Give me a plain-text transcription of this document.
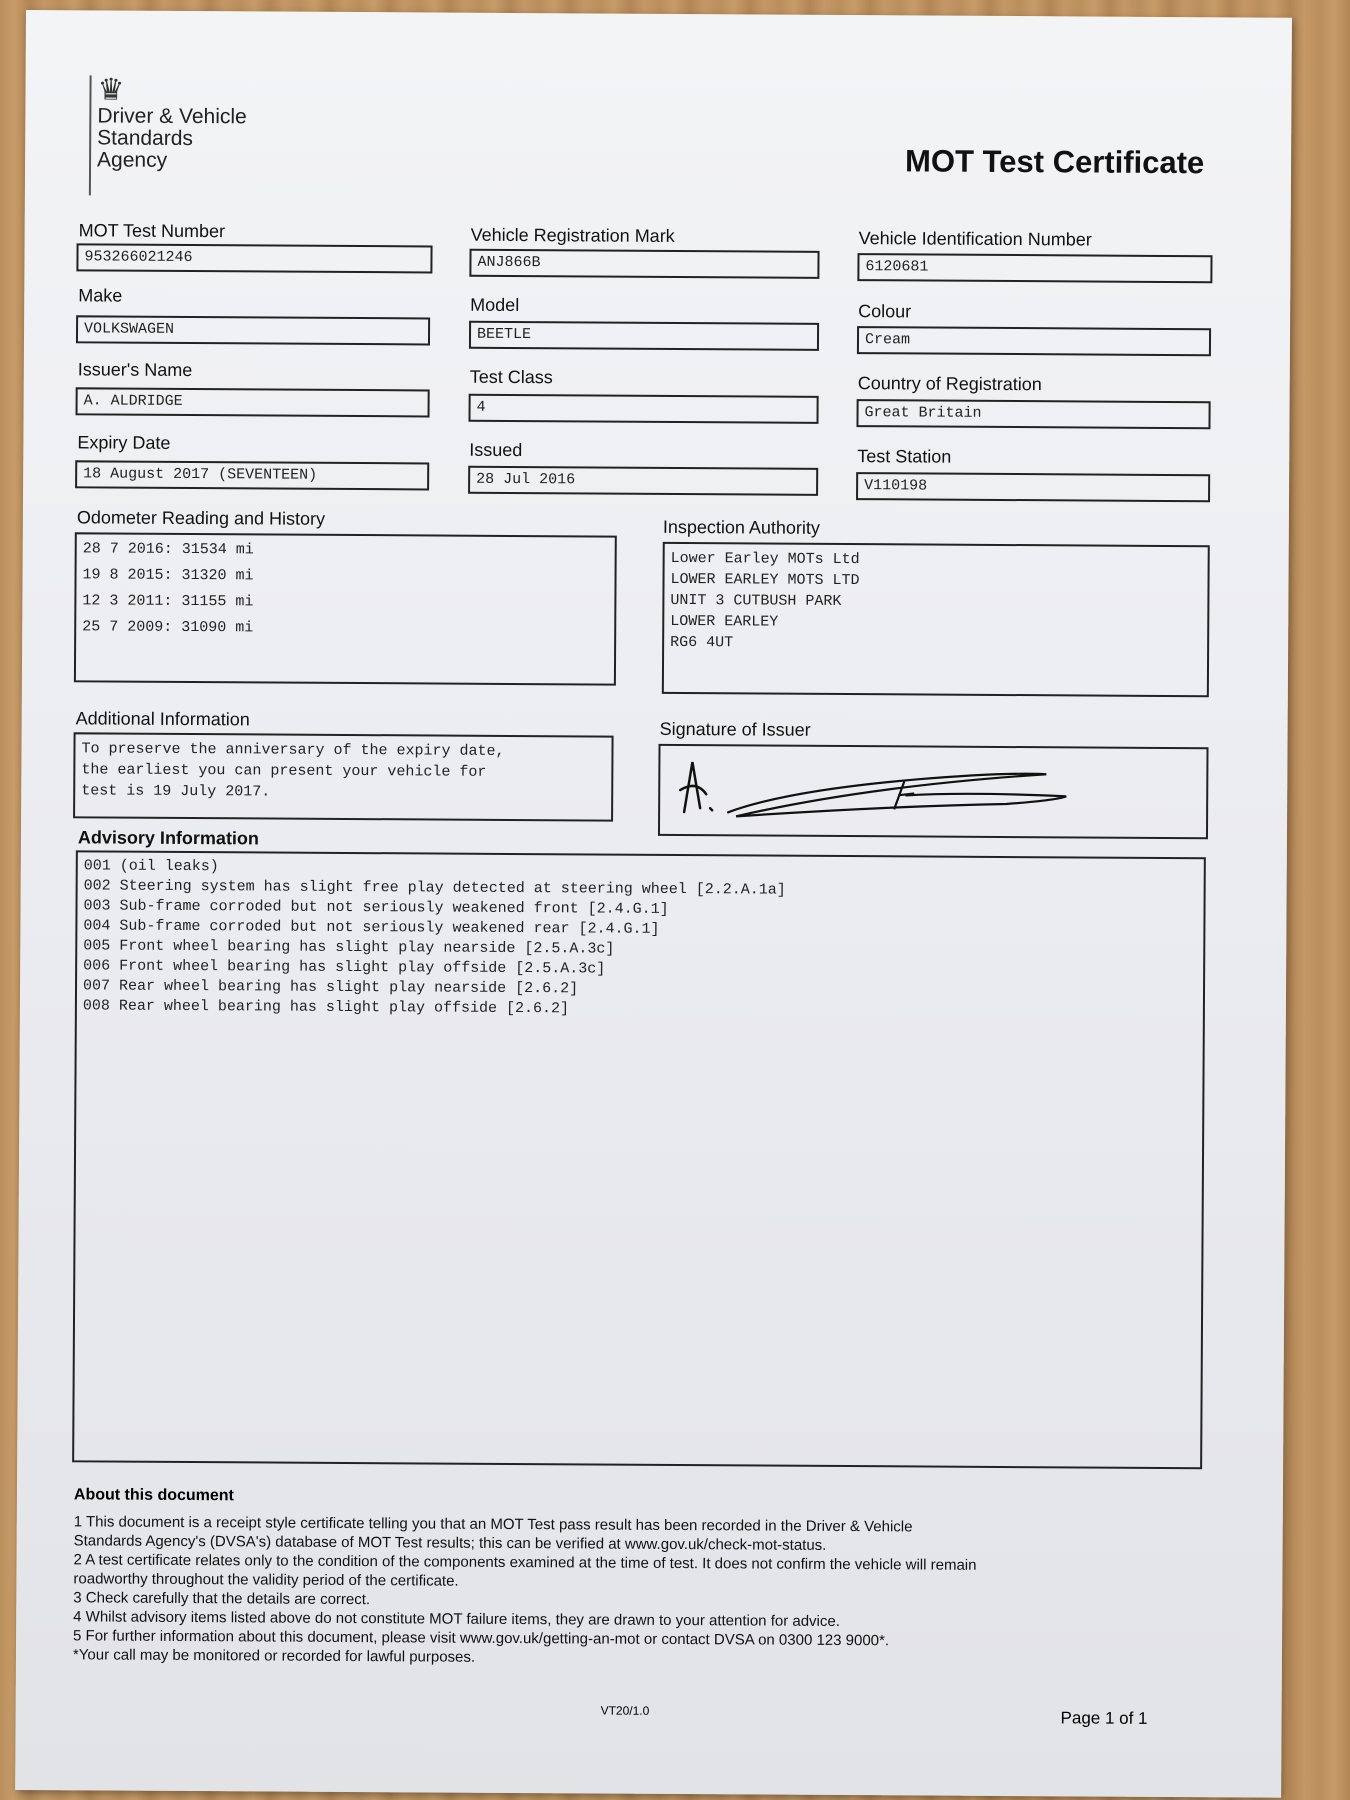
♛
Driver & Vehicle
Standards
Agency	MOT Test Certificate
MOT Test Number
953266021246
Vehicle Registration Mark
ANJ866B
Vehicle Identification Number
6120681
Make
VOLKSWAGEN
Model
BEETLE
Colour
Cream
Issuer's Name
A. ALDRIDGE
Test Class
4
Country of Registration
Great Britain
Expiry Date
18 August 2017 (SEVENTEEN)
Issued
28 Jul 2016
Test Station
V110198
Odometer Reading and History
28 7 2016: 31534 mi
19 8 2015: 31320 mi
12 3 2011: 31155 mi
25 7 2009: 31090 mi
Inspection Authority
Lower Earley MOTs Ltd
LOWER EARLEY MOTS LTD
UNIT 3 CUTBUSH PARK
LOWER EARLEY
RG6 4UT
Additional Information
To preserve the anniversary of the expiry date,
the earliest you can present your vehicle for
test is 19 July 2017.
Signature of Issuer
Advisory Information
001 (oil leaks)
002 Steering system has slight free play detected at steering wheel [2.2.A.1a]
003 Sub-frame corroded but not seriously weakened front [2.4.G.1]
004 Sub-frame corroded but not seriously weakened rear [2.4.G.1]
005 Front wheel bearing has slight play nearside [2.5.A.3c]
006 Front wheel bearing has slight play offside [2.5.A.3c]
007 Rear wheel bearing has slight play nearside [2.6.2]
008 Rear wheel bearing has slight play offside [2.6.2]
About this document
1 This document is a receipt style certificate telling you that an MOT Test pass result has been recorded in the Driver & Vehicle
Standards Agency's (DVSA's) database of MOT Test results; this can be verified at www.gov.uk/check-mot-status.
2 A test certificate relates only to the condition of the components examined at the time of test. It does not confirm the vehicle will remain
roadworthy throughout the validity period of the certificate.
3 Check carefully that the details are correct.
4 Whilst advisory items listed above do not constitute MOT failure items, they are drawn to your attention for advice.
5 For further information about this document, please visit www.gov.uk/getting-an-mot or contact DVSA on 0300 123 9000*.
*Your call may be monitored or recorded for lawful purposes.
VT20/1.0	Page 1 of 1
